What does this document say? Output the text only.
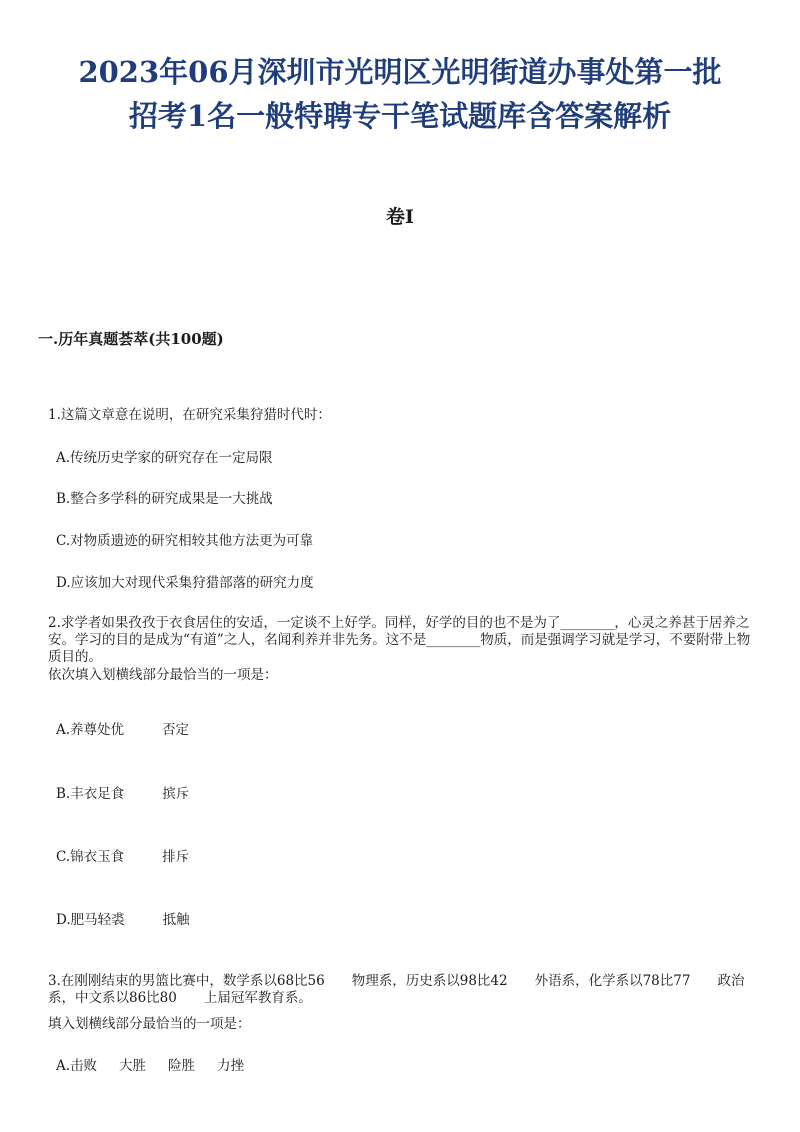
2023年06月深圳市光明区光明街道办事处第一批
招考1名一般特聘专干笔试题库含答案解析
卷I
一.历年真题荟萃(共100题)
1.这篇文章意在说明，在研究采集狩猎时代时：
A.传统历史学家的研究存在一定局限
B.整合多学科的研究成果是一大挑战
C.对物质遗迹的研究相较其他方法更为可靠
D.应该加大对现代采集狩猎部落的研究力度
2.求学者如果孜孜于衣食居住的安适，一定谈不上好学。同样，好学的目的也不是为了________，心灵之养甚于居养之安。学习的目的是成为“有道”之人，名闻利养并非先务。这不是________物质，而是强调学习就是学习，不要附带上物质目的。
依次填入划横线部分最恰当的一项是：
A.养尊处优	否定
B.丰衣足食	摈斥
C.锦衣玉食	排斥
D.肥马轻裘	抵触
3.在刚刚结束的男篮比赛中，数学系以68比56　　物理系，历史系以98比42　　外语系，化学系以78比77　　政治系，中文系以86比80　　上届冠军教育系。
填入划横线部分最恰当的一项是：
A.击败 大胜 险胜 力挫
